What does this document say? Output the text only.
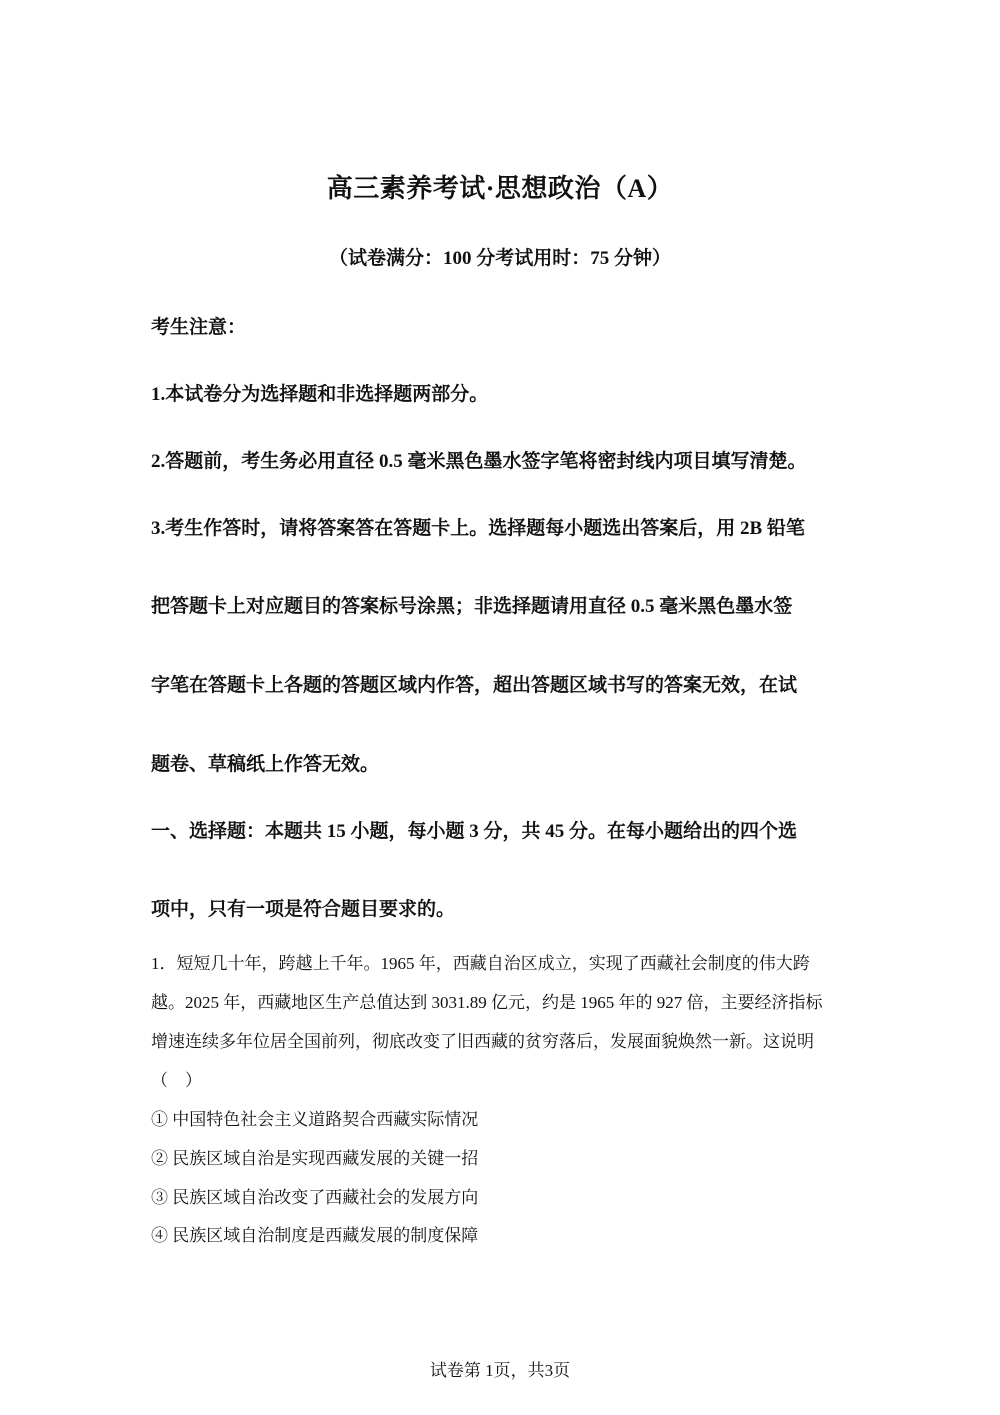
高三素养考试·思想政治（A）
（试卷满分：100 分考试用时：75 分钟）
考生注意：
1.本试卷分为选择题和非选择题两部分。
2.答题前，考生务必用直径 0.5 毫米黑色墨水签字笔将密封线内项目填写清楚。
3.考生作答时，请将答案答在答题卡上。选择题每小题选出答案后，用 2B 铅笔
把答题卡上对应题目的答案标号涂黑；非选择题请用直径 0.5 毫米黑色墨水签
字笔在答题卡上各题的答题区域内作答，超出答题区域书写的答案无效，在试
题卷、草稿纸上作答无效。
一、选择题：本题共 15 小题，每小题 3 分，共 45 分。在每小题给出的四个选
项中，只有一项是符合题目要求的。
1．短短几十年，跨越上千年。1965 年，西藏自治区成立，实现了西藏社会制度的伟大跨
越。2025 年，西藏地区生产总值达到 3031.89 亿元，约是 1965 年的 927 倍，主要经济指标
增速连续多年位居全国前列，彻底改变了旧西藏的贫穷落后，发展面貌焕然一新。这说明
（　）
① 中国特色社会主义道路契合西藏实际情况
② 民族区域自治是实现西藏发展的关键一招
③ 民族区域自治改变了西藏社会的发展方向
④ 民族区域自治制度是西藏发展的制度保障
试卷第 1页，共3页
